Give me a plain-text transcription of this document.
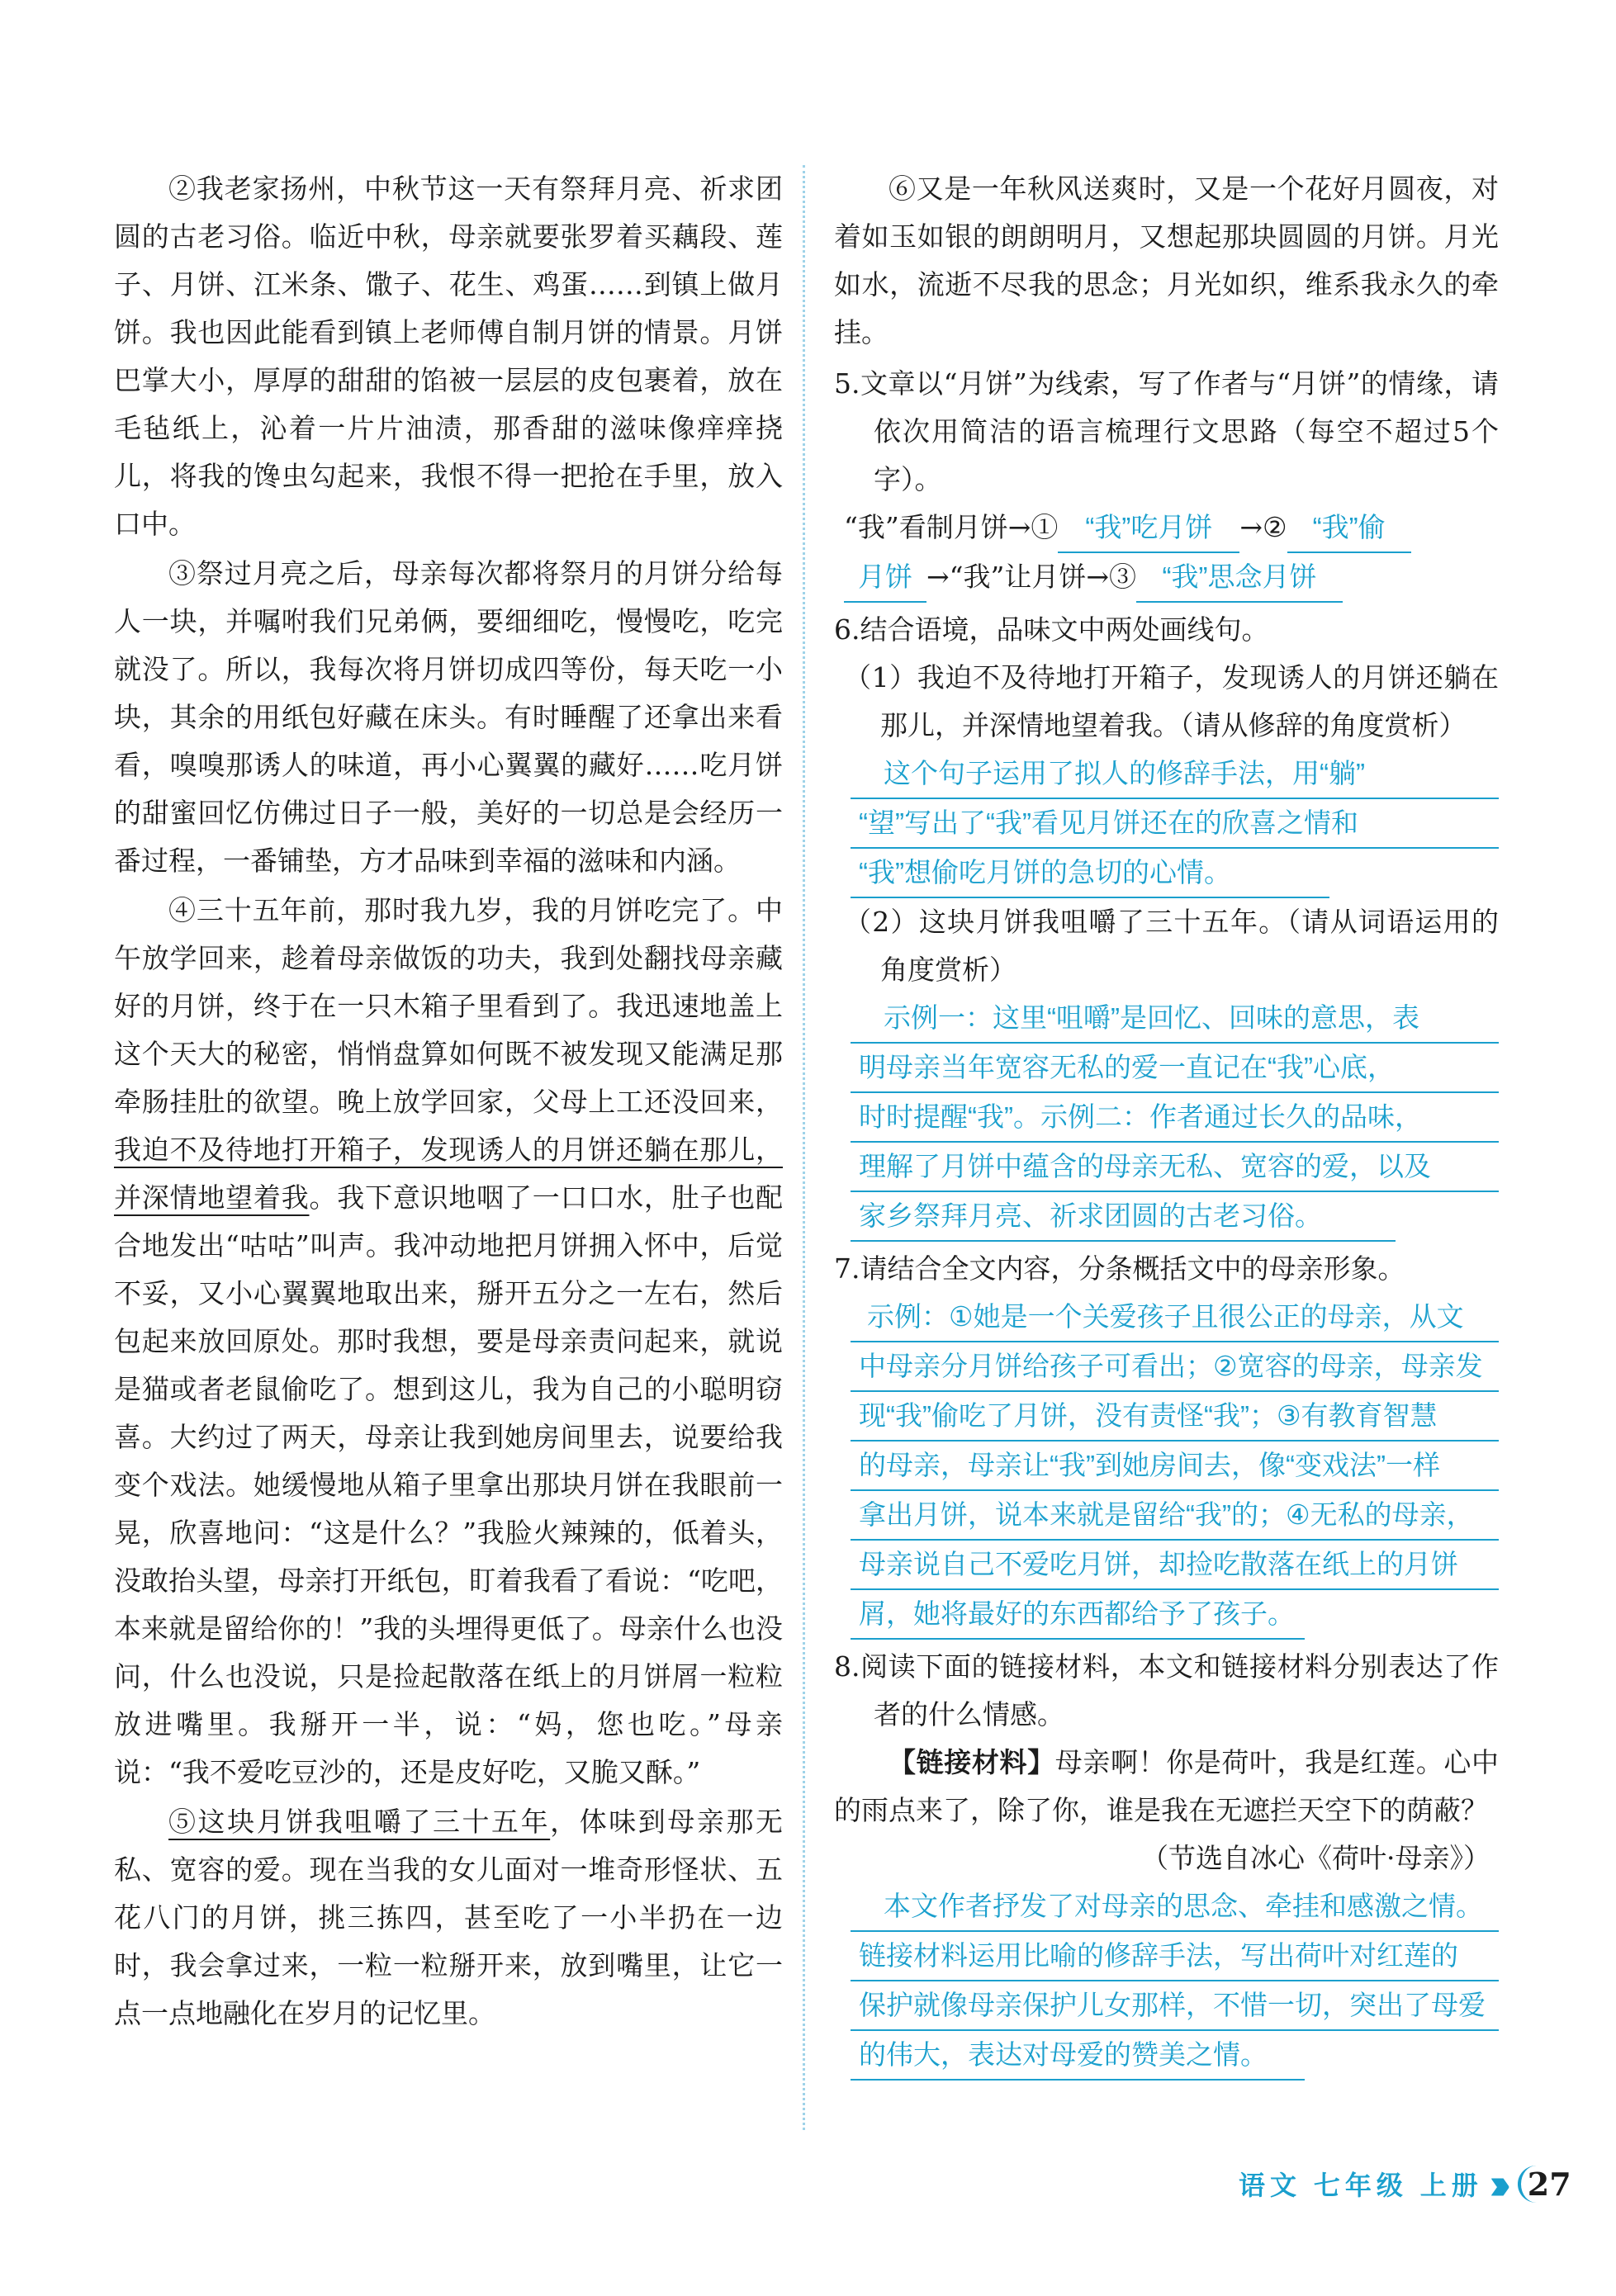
②我老家扬州，中秋节这一天有祭拜月亮、祈求团圆的古老习俗。临近中秋，母亲就要张罗着买藕段、莲子、月饼、江米条、馓子、花生、鸡蛋……到镇上做月饼。我也因此能看到镇上老师傅自制月饼的情景。月饼巴掌大小，厚厚的甜甜的馅被一层层的皮包裹着，放在毛毡纸上，沁着一片片油渍，那香甜的滋味像痒痒挠儿，将我的馋虫勾起来，我恨不得一把抢在手里，放入口中。

③祭过月亮之后，母亲每次都将祭月的月饼分给每人一块，并嘱咐我们兄弟俩，要细细吃，慢慢吃，吃完就没了。所以，我每次将月饼切成四等份，每天吃一小块，其余的用纸包好藏在床头。有时睡醒了还拿出来看看，嗅嗅那诱人的味道，再小心翼翼的藏好……吃月饼的甜蜜回忆仿佛过日子一般，美好的一切总是会经历一番过程，一番铺垫，方才品味到幸福的滋味和内涵。

④三十五年前，那时我九岁，我的月饼吃完了。中午放学回来，趁着母亲做饭的功夫，我到处翻找母亲藏好的月饼，终于在一只木箱子里看到了。我迅速地盖上这个天大的秘密，悄悄盘算如何既不被发现又能满足那牵肠挂肚的欲望。晚上放学回家，父母上工还没回来，我迫不及待地打开箱子，发现诱人的月饼还躺在那儿，并深情地望着我。我下意识地咽了一口口水，肚子也配合地发出“咕咕”叫声。我冲动地把月饼拥入怀中，后觉不妥，又小心翼翼地取出来，掰开五分之一左右，然后包起来放回原处。那时我想，要是母亲责问起来，就说是猫或者老鼠偷吃了。想到这儿，我为自己的小聪明窃喜。大约过了两天，母亲让我到她房间里去，说要给我变个戏法。她缓慢地从箱子里拿出那块月饼在我眼前一晃，欣喜地问：“这是什么？”我脸火辣辣的，低着头，没敢抬头望，母亲打开纸包，盯着我看了看说：“吃吧，本来就是留给你的！”我的头埋得更低了。母亲什么也没问，什么也没说，只是捡起散落在纸上的月饼屑一粒粒放进嘴里。我掰开一半，说：“妈，您也吃。”母亲说：“我不爱吃豆沙的，还是皮好吃，又脆又酥。”

⑤这块月饼我咀嚼了三十五年，体味到母亲那无私、宽容的爱。现在当我的女儿面对一堆奇形怪状、五花八门的月饼，挑三拣四，甚至吃了一小半扔在一边时，我会拿过来，一粒一粒掰开来，放到嘴里，让它一点一点地融化在岁月的记忆里。

⑥又是一年秋风送爽时，又是一个花好月圆夜，对着如玉如银的朗朗明月，又想起那块圆圆的月饼。月光如水，流逝不尽我的思念；月光如织，维系我永久的牵挂。

5.文章以“月饼”为线索，写了作者与“月饼”的情缘，请依次用简洁的语言梳理行文思路（每空不超过5个字）。

“我”看制月饼→① “我”吃月饼 →② “我”偷
月饼 →“我”让月饼→③ “我”思念月饼

6.结合语境，品味文中两处画线句。

（1）我迫不及待地打开箱子，发现诱人的月饼还躺在那儿，并深情地望着我。（请从修辞的角度赏析）

这个句子运用了拟人的修辞手法，用“躺”
“望”写出了“我”看见月饼还在的欣喜之情和
“我”想偷吃月饼的急切的心情。

（2）这块月饼我咀嚼了三十五年。（请从词语运用的角度赏析）

示例一：这里“咀嚼”是回忆、回味的意思，表
明母亲当年宽容无私的爱一直记在“我”心底，
时时提醒“我”。示例二：作者通过长久的品味，
理解了月饼中蕴含的母亲无私、宽容的爱，以及
家乡祭拜月亮、祈求团圆的古老习俗。

7.请结合全文内容，分条概括文中的母亲形象。

示例：①她是一个关爱孩子且很公正的母亲，从文
中母亲分月饼给孩子可看出；②宽容的母亲，母亲发
现“我”偷吃了月饼，没有责怪“我”；③有教育智慧
的母亲，母亲让“我”到她房间去，像“变戏法”一样
拿出月饼，说本来就是留给“我”的；④无私的母亲，
母亲说自己不爱吃月饼，却捡吃散落在纸上的月饼
屑，她将最好的东西都给予了孩子。

8.阅读下面的链接材料，本文和链接材料分别表达了作者的什么情感。

【链接材料】母亲啊！你是荷叶，我是红莲。心中的雨点来了，除了你，谁是我在无遮拦天空下的荫蔽？

（节选自冰心《荷叶·母亲》）

本文作者抒发了对母亲的思念、牵挂和感激之情。
链接材料运用比喻的修辞手法，写出荷叶对红莲的
保护就像母亲保护儿女那样，不惜一切，突出了母爱
的伟大，表达对母爱的赞美之情。
语文 七年级 上册 ››› 27
